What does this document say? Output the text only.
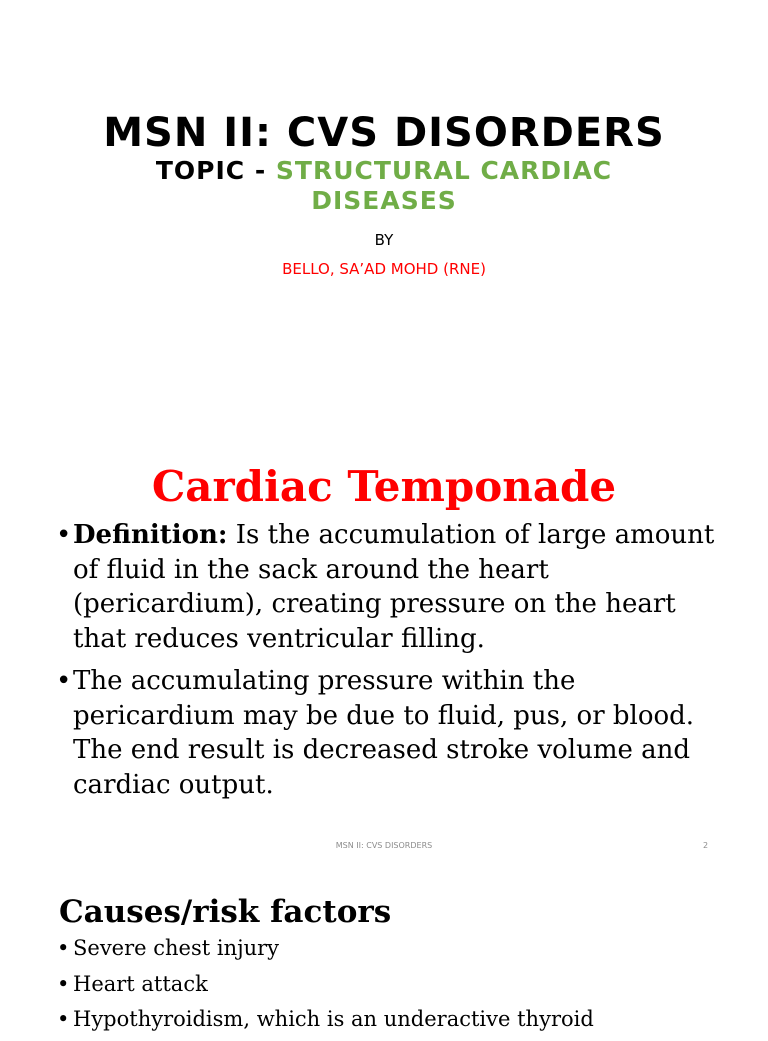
MSN II: CVS DISORDERS
TOPIC - STRUCTURAL CARDIAC DISEASES
BY
BELLO, SA’AD MOHD (RNE)
Cardiac Temponade
• Definition: Is the accumulation of large amount of fluid in the sack around the heart (pericardium), creating pressure on the heart that reduces ventricular filling.
• The accumulating pressure within the pericardium may be due to fluid, pus, or blood. The end result is decreased stroke volume and cardiac output.
MSN II: CVS DISORDERS	2
Causes/risk factors
• Severe chest injury
• Heart attack
• Hypothyroidism, which is an underactive thyroid
